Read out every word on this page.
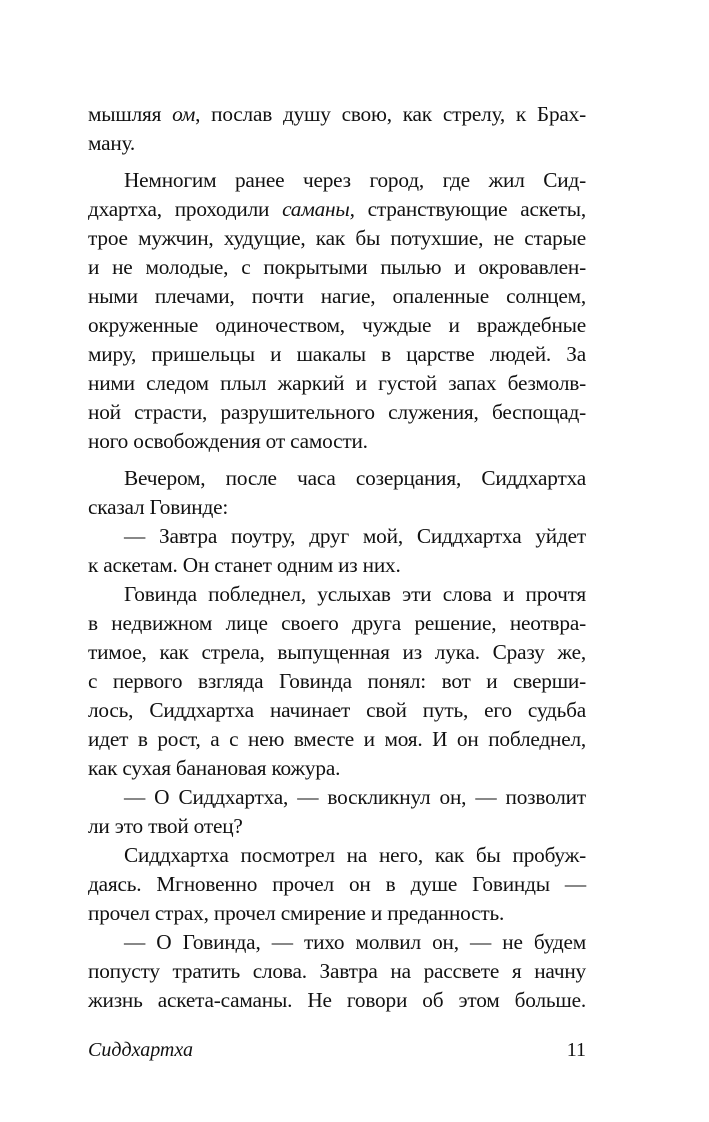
мышляя ом, послав душу свою, как стрелу, к Брах-
ману.
Немногим ранее через город, где жил Сид-
дхартха, проходили саманы, странствующие аскеты,
трое мужчин, худущие, как бы потухшие, не старые
и не молодые, с покрытыми пылью и окровавлен-
ными плечами, почти нагие, опаленные солнцем,
окруженные одиночеством, чуждые и враждебные
миру, пришельцы и шакалы в царстве людей. За
ними следом плыл жаркий и густой запах безмолв-
ной страсти, разрушительного служения, беспощад-
ного освобождения от самости.
Вечером, после часа созерцания, Сиддхартха
сказал Говинде:
— Завтра поутру, друг мой, Сиддхартха уйдет
к аскетам. Он станет одним из них.
Говинда побледнел, услыхав эти слова и прочтя
в недвижном лице своего друга решение, неотвра-
тимое, как стрела, выпущенная из лука. Сразу же,
с первого взгляда Говинда понял: вот и сверши-
лось, Сиддхартха начинает свой путь, его судьба
идет в рост, а с нею вместе и моя. И он побледнел,
как сухая банановая кожура.
— О Сиддхартха, — воскликнул он, — позволит
ли это твой отец?
Сиддхартха посмотрел на него, как бы пробуж-
даясь. Мгновенно прочел он в душе Говинды —
прочел страх, прочел смирение и преданность.
— О Говинда, — тихо молвил он, — не будем
попусту тратить слова. Завтра на рассвете я начну
жизнь аскета-саманы. Не говори об этом больше.
Сиддхартха	11
